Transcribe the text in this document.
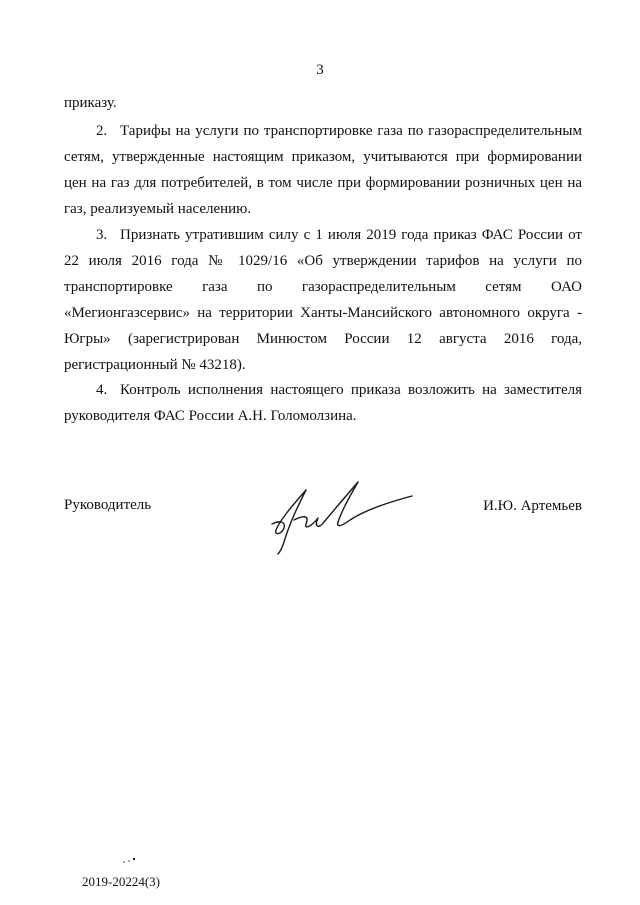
3

приказу.

2. Тарифы на услуги по транспортировке газа по газораспределительным сетям, утвержденные настоящим приказом, учитываются при формировании цен на газ для потребителей, в том числе при формировании розничных цен на газ, реализуемый населению.

3. Признать утратившим силу с 1 июля 2019 года приказ ФАС России от 22 июля 2016 года № 1029/16 «Об утверждении тарифов на услуги по транспортировке газа по газораспределительным сетям ОАО «Мегионгазсервис» на территории Ханты-Мансийского автономного округа - Югры» (зарегистрирован Минюстом России 12 августа 2016 года, регистрационный № 43218).

4. Контроль исполнения настоящего приказа возложить на заместителя руководителя ФАС России А.Н. Голомолзина.

Руководитель	И.Ю. Артемьев
2019-20224(3)
